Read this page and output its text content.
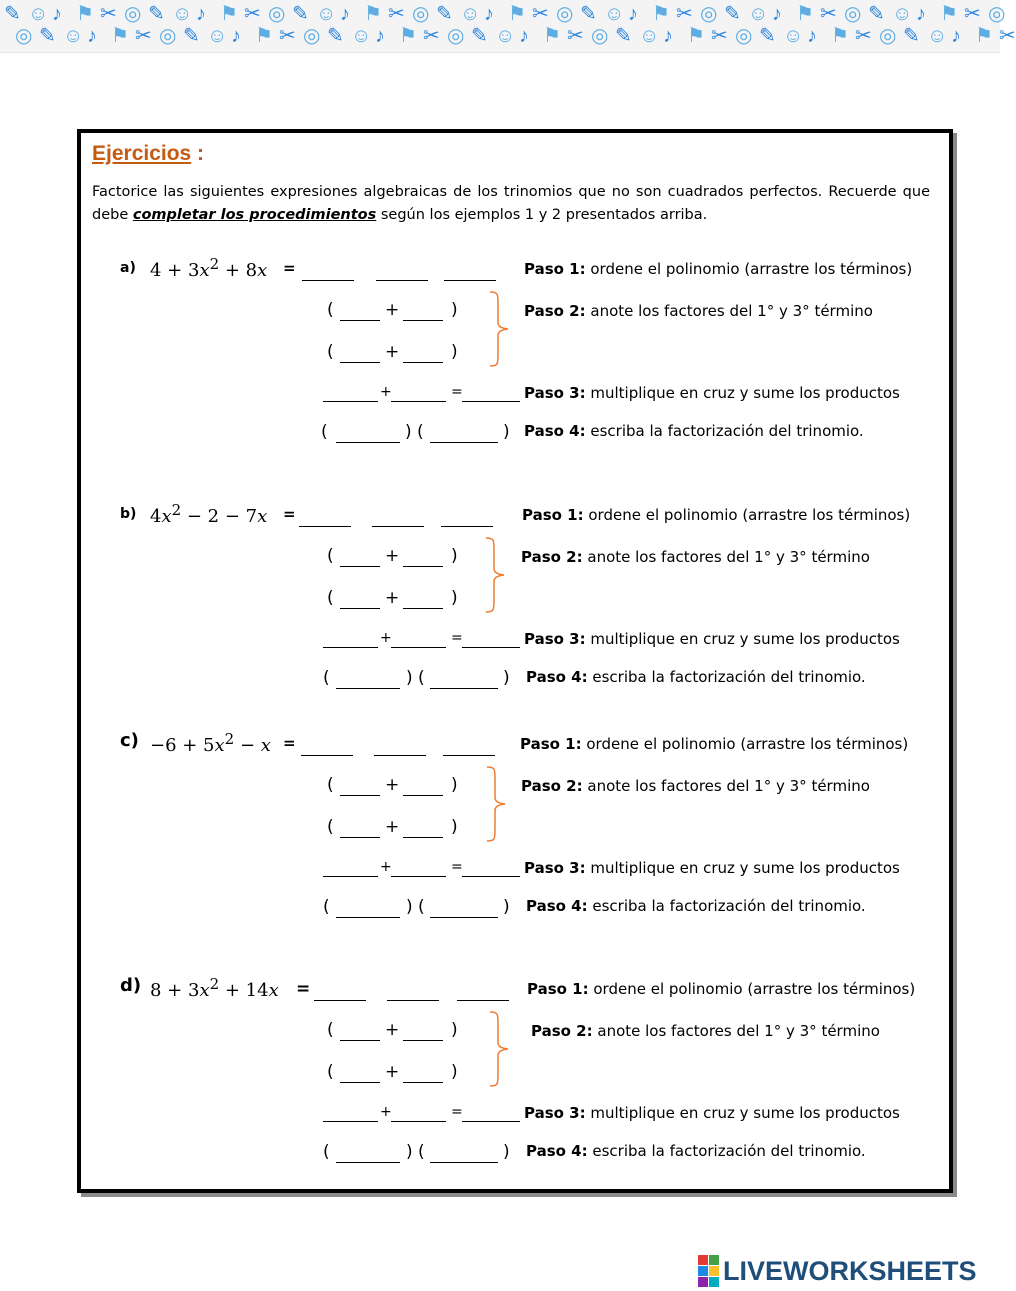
✎
◎
☺
✎
♪
☺
⚑
♪
✂
⚑
◎
✂
✎
◎
☺
✎
♪
☺
⚑
♪
✂
⚑
◎
✂
✎
◎
☺
✎
♪
☺
⚑
♪
✂
⚑
◎
✂
✎
◎
☺
✎
♪
☺
⚑
♪
✂
⚑
◎
✂
✎
◎
☺
✎
♪
☺
⚑
♪
✂
⚑
◎
✂
✎
◎
☺
✎
♪
☺
⚑
♪
✂
⚑
◎
✂
✎
◎
☺
✎
♪
☺
⚑
♪
✂
⚑
◎
✂
Ejercicios :
Factorice las siguientes expresiones algebraicas de los trinomios que no son cuadrados perfectos. Recuerde que debe completar los procedimientos según los ejemplos 1 y 2 presentados arriba.
a) $4 + 3x^2 + 8x$ =	Paso 1: ordene el polinomio (arrastre los términos)
(	+	)
(	+	)
Paso 2: anote los factores del 1° y 3° término
+	=	Paso 3: multiplique en cruz y sume los productos
(	) (	) Paso 4: escriba la factorización del trinomio.
b) $4x^2 - 2 - 7x$ =	Paso 1: ordene el polinomio (arrastre los términos)
(	+	)
(	+	)
Paso 2: anote los factores del 1° y 3° término
+	=	Paso 3: multiplique en cruz y sume los productos
(	) (	) Paso 4: escriba la factorización del trinomio.
$c) -6 + 5x^2 - x$ =	Paso 1: ordene el polinomio (arrastre los términos)
(	+	)
(	+	)
Paso 2: anote los factores del 1° y 3° término
+	=	Paso 3: multiplique en cruz y sume los productos
(	) (	) Paso 4: escriba la factorización del trinomio.
d) $8 + 3x^2 + 14x$ =	Paso 1: ordene el polinomio (arrastre los términos)
(	+	)
(	+	)
Paso 2: anote los factores del 1° y 3° término
+	=	Paso 3: multiplique en cruz y sume los productos
(	) (	) Paso 4: escriba la factorización del trinomio.
LIVEWORKSHEETS
